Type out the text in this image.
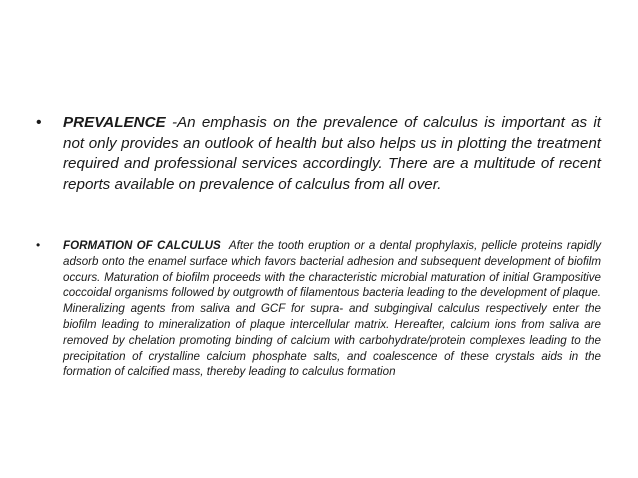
•	PREVALENCE -An emphasis on the prevalence of calculus is important as it not only provides an outlook of health but also helps us in plotting the treatment required and professional services accordingly. There are a multitude of recent reports available on prevalence of calculus from all over.

•	FORMATION OF CALCULUS  After the tooth eruption or a dental prophylaxis, pellicle proteins rapidly adsorb onto the enamel surface which favors bacterial adhesion and subsequent development of biofilm occurs. Maturation of biofilm proceeds with the characteristic microbial maturation of initial Grampositive coccoidal organisms followed by outgrowth of filamentous bacteria leading to the development of plaque. Mineralizing agents from saliva and GCF for supra- and subgingival calculus respectively enter the biofilm leading to mineralization of plaque intercellular matrix. Hereafter, calcium ions from saliva are removed by chelation promoting binding of calcium with carbohydrate/protein complexes leading to the precipitation of crystalline calcium phosphate salts, and coalescence of these crystals aids in the formation of calcified mass, thereby leading to calculus formation
